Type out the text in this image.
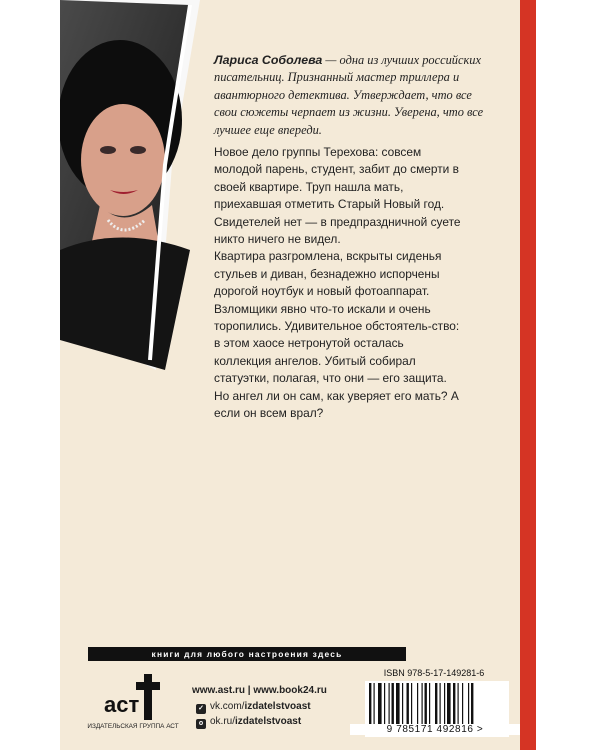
Лариса Соболева — одна из лучших российских писательниц. Признанный мастер триллера и авантюрного детектива. Утверждает, что все свои сюжеты черпает из жизни. Уверена, что все лучшее еще впереди.

Новое дело группы Терехова: совсем молодой парень, студент, забит до смерти в своей квартире. Труп нашла мать, приехавшая отметить Старый Новый год. Свидетелей нет — в предпраздничной суете никто ничего не видел.
Квартира разгромлена, вскрыты сиденья стульев и диван, безнадежно испорчены дорогой ноутбук и новый фотоаппарат. Взломщики явно что-то искали и очень торопились. Удивительное обстоятель-ство: в этом хаосе нетронутой осталась коллекция ангелов. Убитый собирал статуэтки, полагая, что они — его защита. Но ангел ли он сам, как уверяет его мать? А если он всем врал?

книги для любого настроения здесь
аст
ИЗДАТЕЛЬСКАЯ ГРУППА АСТ
www.ast.ru | www.book24.ru
✓ vk.com/izdatelstvoast
о ok.ru/izdatelstvoast
ISBN 978-5-17-149281-6
9 785171 492816 >
